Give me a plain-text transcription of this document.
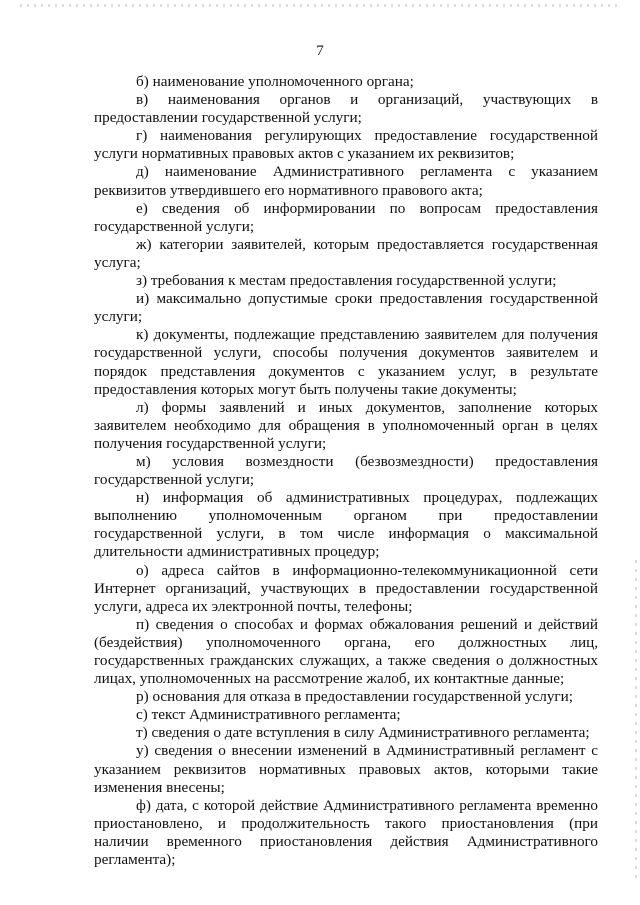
7

б) наименование уполномоченного органа;

в) наименования органов и организаций, участвующих в предоставлении государственной услуги;

г) наименования регулирующих предоставление государственной услуги нормативных правовых актов с указанием их реквизитов;

д) наименование Административного регламента с указанием реквизитов утвердившего его нормативного правового акта;

е) сведения об информировании по вопросам предоставления государственной услуги;

ж) категории заявителей, которым предоставляется государственная услуга;

з) требования к местам предоставления государственной услуги;

и) максимально допустимые сроки предоставления государственной услуги;

к) документы, подлежащие представлению заявителем для получения государственной услуги, способы получения документов заявителем и порядок представления документов с указанием услуг, в результате предоставления которых могут быть получены такие документы;

л) формы заявлений и иных документов, заполнение которых заявителем необходимо для обращения в уполномоченный орган в целях получения государственной услуги;

м) условия возмездности (безвозмездности) предоставления государственной услуги;

н) информация об административных процедурах, подлежащих выполнению уполномоченным органом при предоставлении государственной услуги, в том числе информация о максимальной длительности административных процедур;

о) адреса сайтов в информационно-телекоммуникационной сети Интернет организаций, участвующих в предоставлении государственной услуги, адреса их электронной почты, телефоны;

п) сведения о способах и формах обжалования решений и действий (бездействия) уполномоченного органа, его должностных лиц, государственных гражданских служащих, а также сведения о должностных лицах, уполномоченных на рассмотрение жалоб, их контактные данные;

р) основания для отказа в предоставлении государственной услуги;

с) текст Административного регламента;

т) сведения о дате вступления в силу Административного регламента;

у) сведения о внесении изменений в Административный регламент с указанием реквизитов нормативных правовых актов, которыми такие изменения внесены;

ф) дата, с которой действие Административного регламента временно приостановлено, и продолжительность такого приостановления (при наличии временного приостановления действия Административного регламента);
